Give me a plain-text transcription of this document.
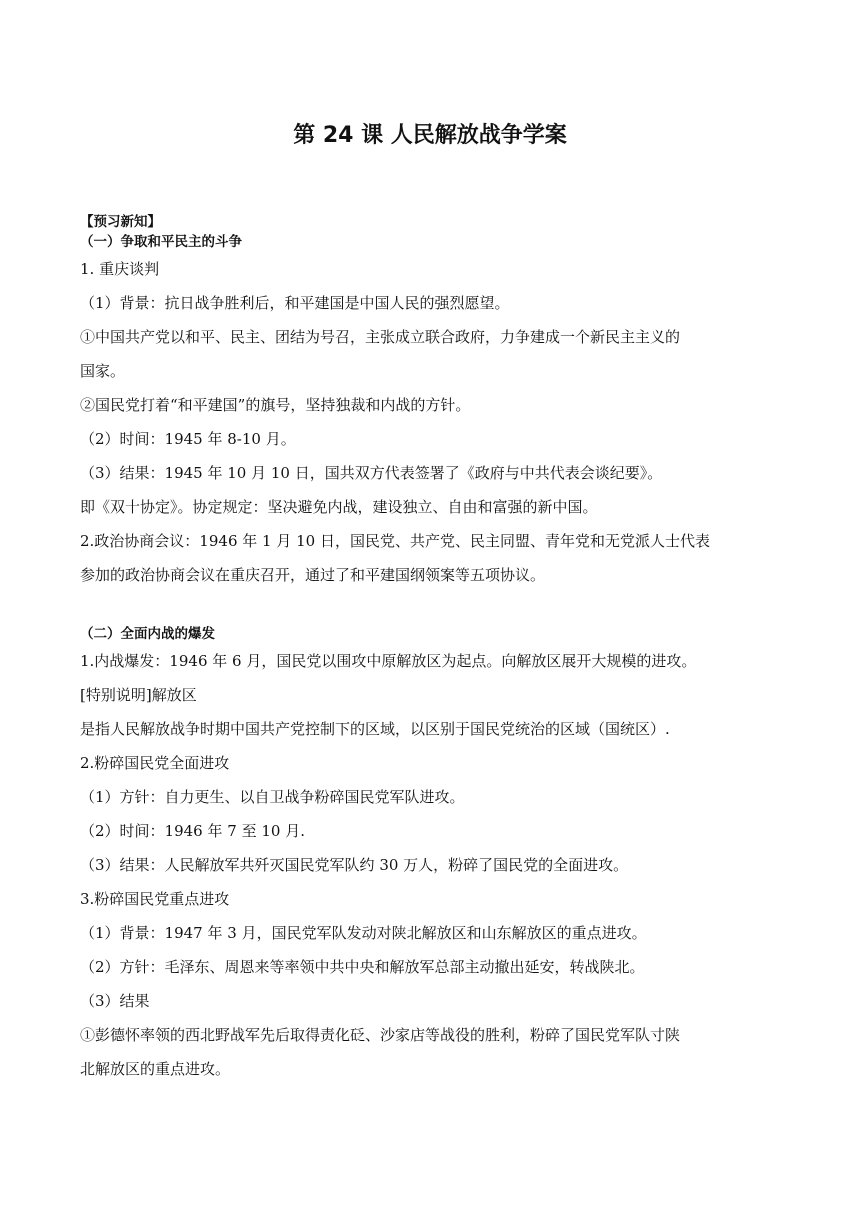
第 24 课 人民解放战争学案

【预习新知】

（一）争取和平民主的斗争

1. 重庆谈判

（1）背景：抗日战争胜利后，和平建国是中国人民的强烈愿望。

①中国共产党以和平、民主、团结为号召，主张成立联合政府，力争建成一个新民主主义的

国家。

②国民党打着“和平建国”的旗号，坚持独裁和内战的方针。

（2）时间：1945 年 8-10 月。

（3）结果：1945 年 10 月 10 日，国共双方代表签署了《政府与中共代表会谈纪要》。

即《双十协定》。协定规定：坚决避免内战，建设独立、自由和富强的新中国。

2.政治协商会议：1946 年 1 月 10 日，国民党、共产党、民主同盟、青年党和无党派人士代表

参加的政治协商会议在重庆召开，通过了和平建国纲领案等五项协议。

（二）全面内战的爆发

1.内战爆发：1946 年 6 月，国民党以围攻中原解放区为起点。向解放区展开大规模的进攻。

[特别说明]解放区

是指人民解放战争时期中国共产党控制下的区域，以区别于国民党统治的区域（国统区）.

2.粉碎国民党全面进攻

（1）方针：自力更生、以自卫战争粉碎国民党军队进攻。

（2）时间：1946 年 7 至 10 月.

（3）结果：人民解放军共歼灭国民党军队约 30 万人，粉碎了国民党的全面进攻。

3.粉碎国民党重点进攻

（1）背景：1947 年 3 月，国民党军队发动对陕北解放区和山东解放区的重点进攻。

（2）方针：毛泽东、周恩来等率领中共中央和解放军总部主动撤出延安，转战陕北。

（3）结果

①彭德怀率领的西北野战军先后取得责化砭、沙家店等战役的胜利，粉碎了国民党军队寸陕

北解放区的重点进攻。
